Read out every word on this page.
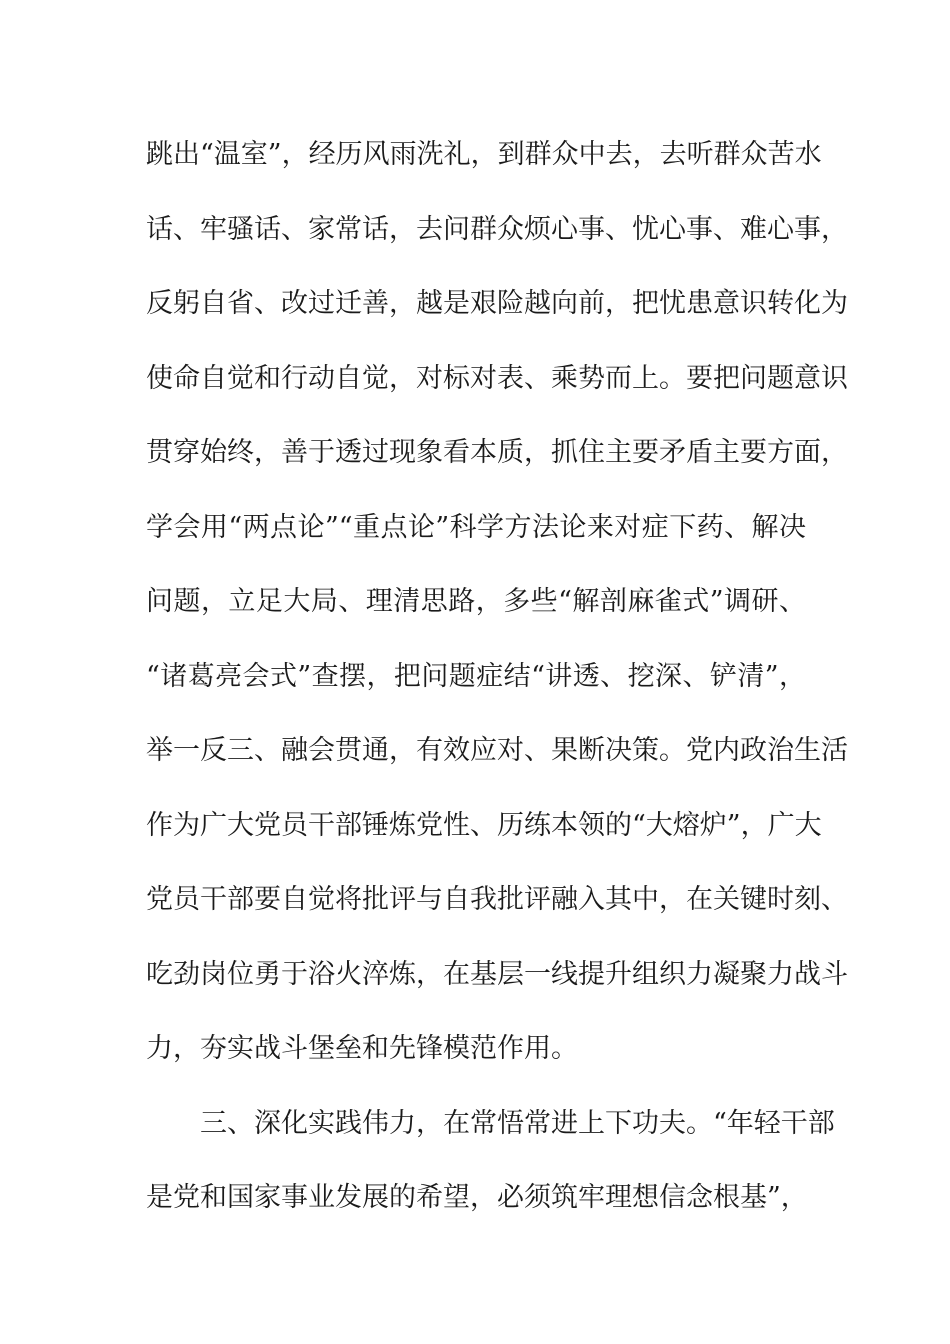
跳出“温室”，经历风雨洗礼，到群众中去，去听群众苦水
话、牢骚话、家常话，去问群众烦心事、忧心事、难心事，
反躬自省、改过迁善，越是艰险越向前，把忧患意识转化为
使命自觉和行动自觉，对标对表、乘势而上。要把问题意识
贯穿始终，善于透过现象看本质，抓住主要矛盾主要方面，
学会用“两点论”“重点论”科学方法论来对症下药、解决
问题，立足大局、理清思路，多些“解剖麻雀式”调研、
“诸葛亮会式”查摆，把问题症结“讲透、挖深、铲清”，
举一反三、融会贯通，有效应对、果断决策。党内政治生活
作为广大党员干部锤炼党性、历练本领的“大熔炉”，广大
党员干部要自觉将批评与自我批评融入其中，在关键时刻、
吃劲岗位勇于浴火淬炼，在基层一线提升组织力凝聚力战斗
力，夯实战斗堡垒和先锋模范作用。
三、深化实践伟力，在常悟常进上下功夫。“年轻干部
是党和国家事业发展的希望，必须筑牢理想信念根基”，
